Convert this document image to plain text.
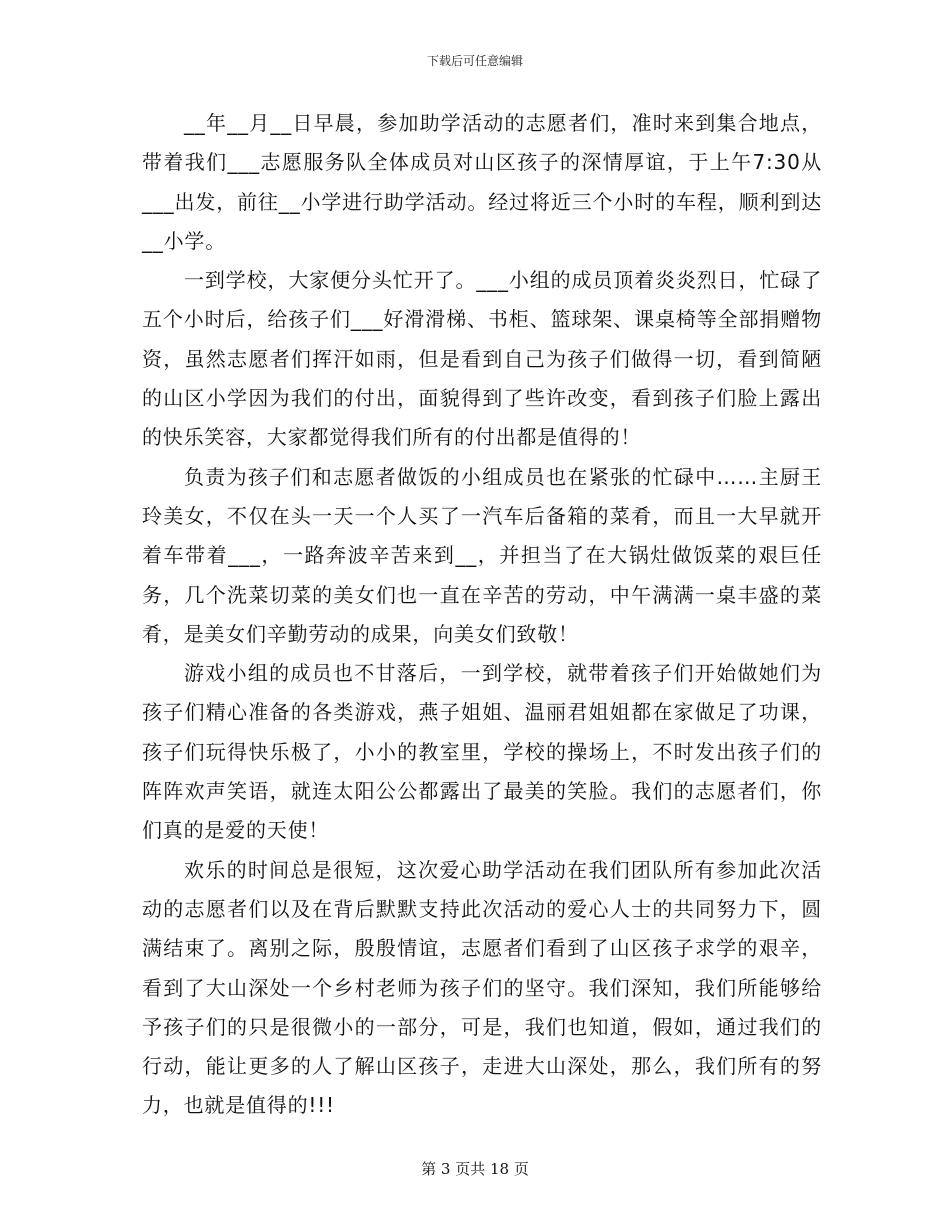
下载后可任意编辑

__年__月__日早晨，参加助学活动的志愿者们，准时来到集合地点，带着我们___志愿服务队全体成员对山区孩子的深情厚谊，于上午7:30从___出发，前往__小学进行助学活动。经过将近三个小时的车程，顺利到达__小学。

一到学校，大家便分头忙开了。___小组的成员顶着炎炎烈日，忙碌了五个小时后，给孩子们___好滑滑梯、书柜、篮球架、课桌椅等全部捐赠物资，虽然志愿者们挥汗如雨，但是看到自己为孩子们做得一切，看到简陋的山区小学因为我们的付出，面貌得到了些许改变，看到孩子们脸上露出的快乐笑容，大家都觉得我们所有的付出都是值得的！

负责为孩子们和志愿者做饭的小组成员也在紧张的忙碌中……主厨王玲美女，不仅在头一天一个人买了一汽车后备箱的菜肴，而且一大早就开着车带着___，一路奔波辛苦来到__，并担当了在大锅灶做饭菜的艰巨任务，几个洗菜切菜的美女们也一直在辛苦的劳动，中午满满一桌丰盛的菜肴，是美女们辛勤劳动的成果，向美女们致敬！

游戏小组的成员也不甘落后，一到学校，就带着孩子们开始做她们为孩子们精心准备的各类游戏，燕子姐姐、温丽君姐姐都在家做足了功课，孩子们玩得快乐极了，小小的教室里，学校的操场上，不时发出孩子们的阵阵欢声笑语，就连太阳公公都露出了最美的笑脸。我们的志愿者们，你们真的是爱的天使！

欢乐的时间总是很短，这次爱心助学活动在我们团队所有参加此次活动的志愿者们以及在背后默默支持此次活动的爱心人士的共同努力下，圆满结束了。离别之际，殷殷情谊，志愿者们看到了山区孩子求学的艰辛，看到了大山深处一个乡村老师为孩子们的坚守。我们深知，我们所能够给予孩子们的只是很微小的一部分，可是，我们也知道，假如，通过我们的行动，能让更多的人了解山区孩子，走进大山深处，那么，我们所有的努力，也就是值得的!!!

第 3 页共 18 页
